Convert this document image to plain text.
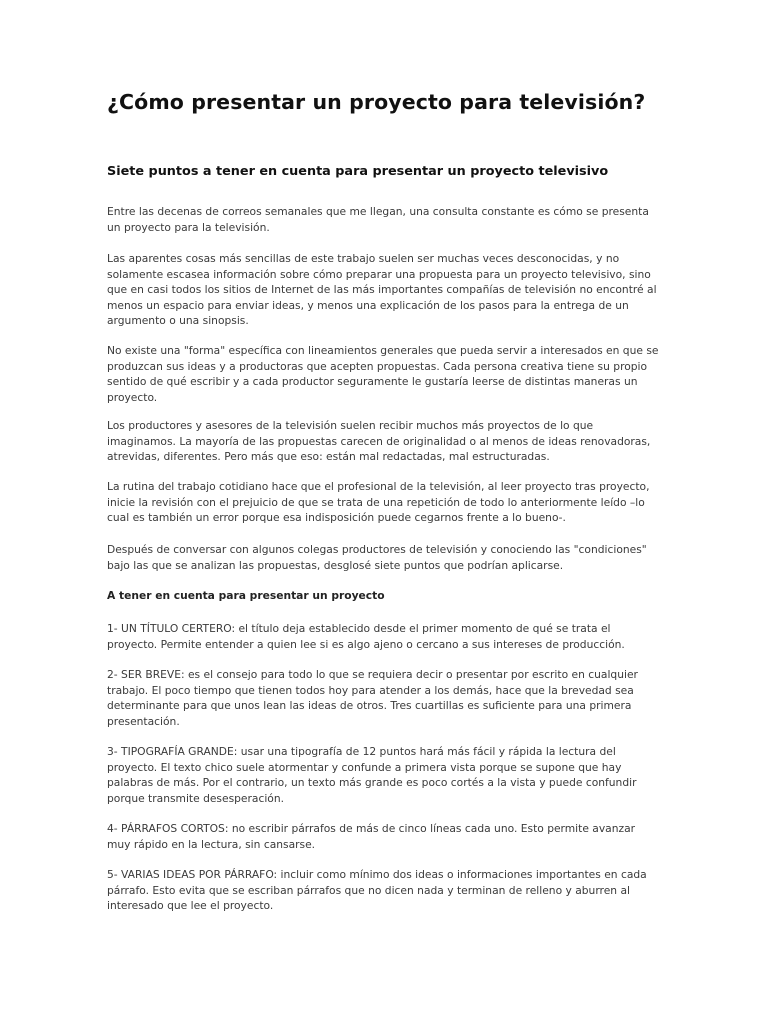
¿Cómo presentar un proyecto para televisión?
Siete puntos a tener en cuenta para presentar un proyecto televisivo

Entre las decenas de correos semanales que me llegan, una consulta constante es cómo se presenta
un proyecto para la televisión.

Las aparentes cosas más sencillas de este trabajo suelen ser muchas veces desconocidas, y no
solamente escasea información sobre cómo preparar una propuesta para un proyecto televisivo, sino
que en casi todos los sitios de Internet de las más importantes compañías de televisión no encontré al
menos un espacio para enviar ideas, y menos una explicación de los pasos para la entrega de un
argumento o una sinopsis.

No existe una "forma" específica con lineamientos generales que pueda servir a interesados en que se
produzcan sus ideas y a productoras que acepten propuestas. Cada persona creativa tiene su propio
sentido de qué escribir y a cada productor seguramente le gustaría leerse de distintas maneras un
proyecto.

Los productores y asesores de la televisión suelen recibir muchos más proyectos de lo que
imaginamos. La mayoría de las propuestas carecen de originalidad o al menos de ideas renovadoras,
atrevidas, diferentes. Pero más que eso: están mal redactadas, mal estructuradas.

La rutina del trabajo cotidiano hace que el profesional de la televisión, al leer proyecto tras proyecto,
inicie la revisión con el prejuicio de que se trata de una repetición de todo lo anteriormente leído –lo
cual es también un error porque esa indisposición puede cegarnos frente a lo bueno-.

Después de conversar con algunos colegas productores de televisión y conociendo las "condiciones"
bajo las que se analizan las propuestas, desglosé siete puntos que podrían aplicarse.

A tener en cuenta para presentar un proyecto

1- UN TÍTULO CERTERO: el título deja establecido desde el primer momento de qué se trata el
proyecto. Permite entender a quien lee si es algo ajeno o cercano a sus intereses de producción.

2- SER BREVE: es el consejo para todo lo que se requiera decir o presentar por escrito en cualquier
trabajo. El poco tiempo que tienen todos hoy para atender a los demás, hace que la brevedad sea
determinante para que unos lean las ideas de otros. Tres cuartillas es suficiente para una primera
presentación.

3- TIPOGRAFÍA GRANDE: usar una tipografía de 12 puntos hará más fácil y rápida la lectura del
proyecto. El texto chico suele atormentar y confunde a primera vista porque se supone que hay
palabras de más. Por el contrario, un texto más grande es poco cortés a la vista y puede confundir
porque transmite desesperación.

4- PÁRRAFOS CORTOS: no escribir párrafos de más de cinco líneas cada uno. Esto permite avanzar
muy rápido en la lectura, sin cansarse.

5- VARIAS IDEAS POR PÁRRAFO: incluir como mínimo dos ideas o informaciones importantes en cada
párrafo. Esto evita que se escriban párrafos que no dicen nada y terminan de relleno y aburren al
interesado que lee el proyecto.
